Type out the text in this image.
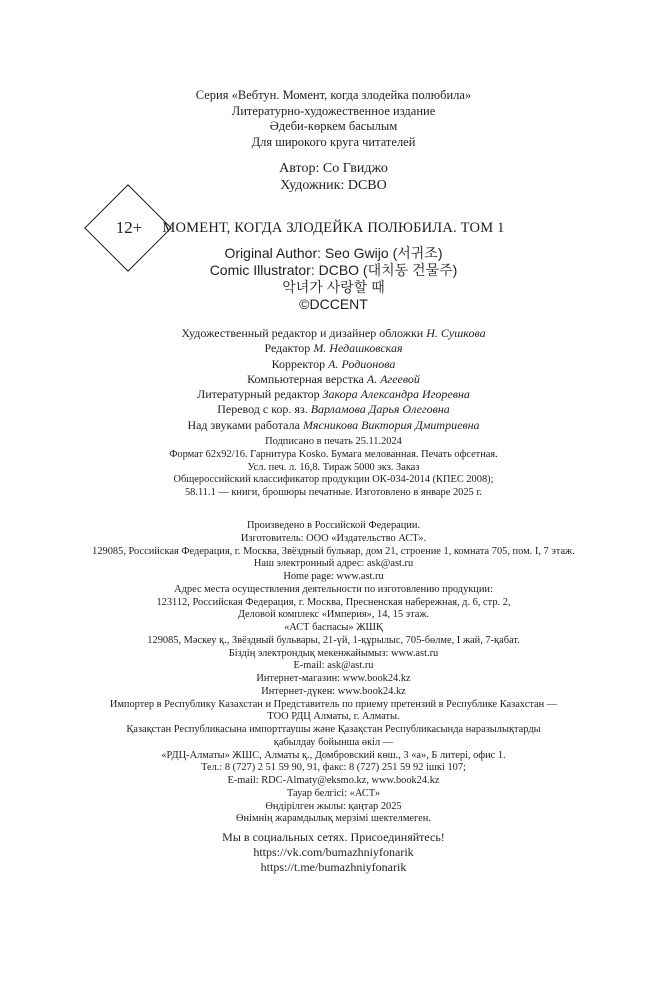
Серия «Вебтун. Момент, когда злодейка полюбила»
Литературно-художественное издание
Әдеби-көркем басылым
Для широкого круга читателей
Автор: Со Гвиджо
Художник: DCBO
12+	МОМЕНТ, КОГДА ЗЛОДЕЙКА ПОЛЮБИЛА. ТОМ 1
Original Author: Seo Gwijo (서귀조)
Comic Illustrator: DCBO (대치동 건물주)
악녀가 사랑할 때
©DCCENT
Художественный редактор и дизайнер обложки Н. Сушкова
Редактор М. Недашковская
Корректор А. Родионова
Компьютерная верстка А. Агеевой
Литературный редактор Закора Александра Игоревна
Перевод с кор. яз. Варламова Дарья Олеговна
Над звуками работала Мясникова Виктория Дмитриевна
Подписано в печать 25.11.2024
Формат 62x92/16. Гарнитура Kosko. Бумага мелованная. Печать офсетная.
Усл. печ. л. 16,8. Тираж 5000 экз. Заказ
Общероссийский классификатор продукции ОК-034-2014 (КПЕС 2008);
58.11.1 — книги, брошюры печатные. Изготовлено в январе 2025 г.
Произведено в Российской Федерации.
Изготовитель: ООО «Издательство АСТ».
129085, Российская Федерация, г. Москва, Звёздный бульвар, дом 21, строение 1, комната 705, пом. I, 7 этаж.
Наш электронный адрес: ask@ast.ru
Home page: www.ast.ru
Адрес места осуществления деятельности по изготовлению продукции:
123112, Российская Федерация, г. Москва, Пресненская набережная, д. 6, стр. 2,
Деловой комплекс «Империя», 14, 15 этаж.
«АСТ баспасы» ЖШҚ
129085, Мәскеу қ., Звёздный бульвары, 21-үй, 1-құрылыс, 705-бөлме, I жай, 7-қабат.
Біздің электрондық мекенжайымыз: www.ast.ru
E-mail: ask@ast.ru
Интернет-магазин: www.book24.kz
Интернет-дүкен: www.book24.kz
Импортер в Республику Казахстан и Представитель по приему претензий в Республике Казахстан —
ТОО РДЦ Алматы, г. Алматы.
Қазақстан Республикасына импорттаушы және Қазақстан Республикасында наразылықтарды
қабылдау бойынша өкіл —
«РДЦ-Алматы» ЖШС, Алматы қ., Домбровский көш., 3 «а», Б литері, офис 1.
Тел.: 8 (727) 2 51 59 90, 91, факс: 8 (727) 251 59 92 ішкі 107;
E-mail: RDC-Almaty@eksmo.kz, www.book24.kz
Тауар белгісі: «АСТ»
Өндірілген жылы: қаңтар 2025
Өнімнің жарамдылық мерзімі шектелмеген.
Мы в социальных сетях. Присоединяйтесь!
https://vk.com/bumazhniyfonarik
https://t.me/bumazhniyfonarik
